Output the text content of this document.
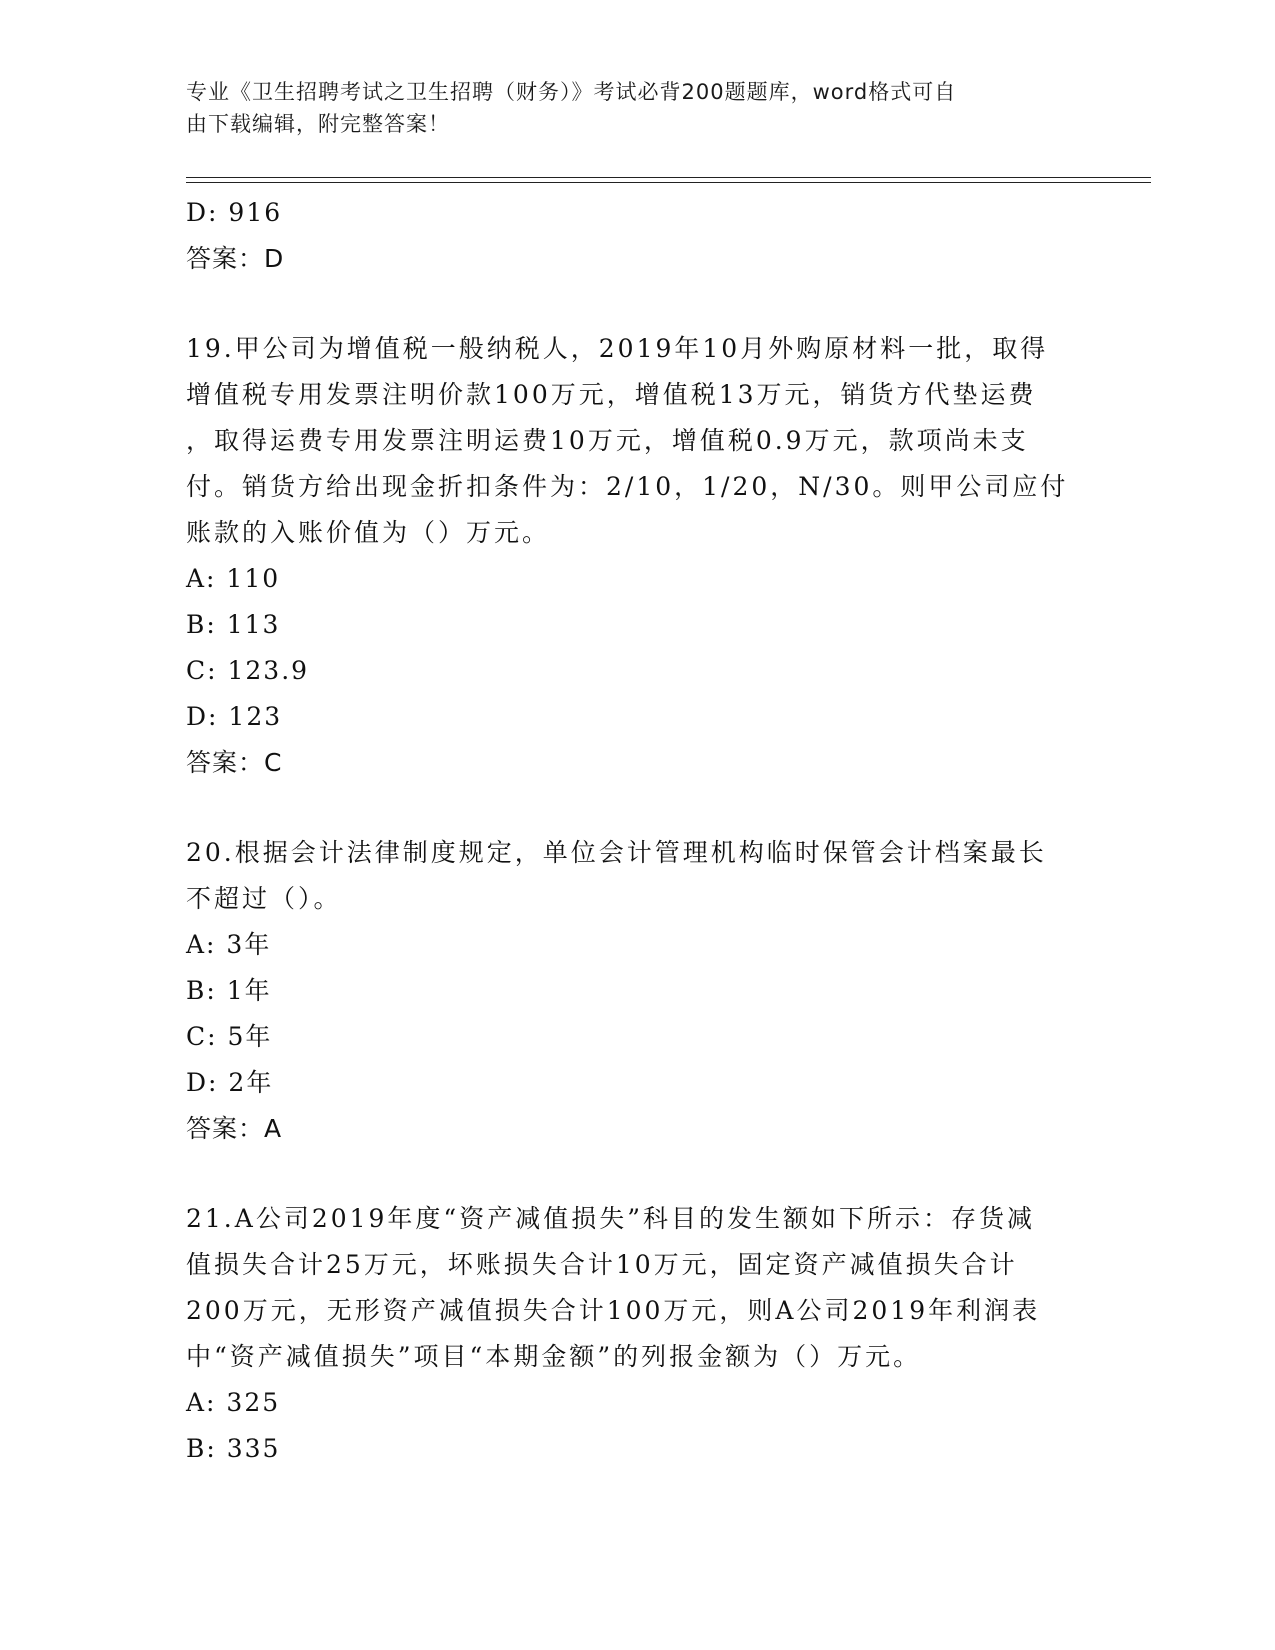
专业《卫生招聘考试之卫生招聘（财务）》考试必背200题题库，word格式可自
由下载编辑，附完整答案！
D: 916
答案：D
19.甲公司为增值税一般纳税人，2019年10月外购原材料一批，取得
增值税专用发票注明价款100万元，增值税13万元，销货方代垫运费
，取得运费专用发票注明运费10万元，增值税0.9万元，款项尚未支
付。销货方给出现金折扣条件为：2/10，1/20，N/30。则甲公司应付
账款的入账价值为（）万元。
A: 110
B: 113
C: 123.9
D: 123
答案：C
20.根据会计法律制度规定，单位会计管理机构临时保管会计档案最长
不超过（）。
A: 3年
B: 1年
C: 5年
D: 2年
答案：A
21.A公司2019年度“资产减值损失”科目的发生额如下所示：存货减
值损失合计25万元，坏账损失合计10万元，固定资产减值损失合计
200万元，无形资产减值损失合计100万元，则A公司2019年利润表
中“资产减值损失”项目“本期金额”的列报金额为（）万元。
A: 325
B: 335
